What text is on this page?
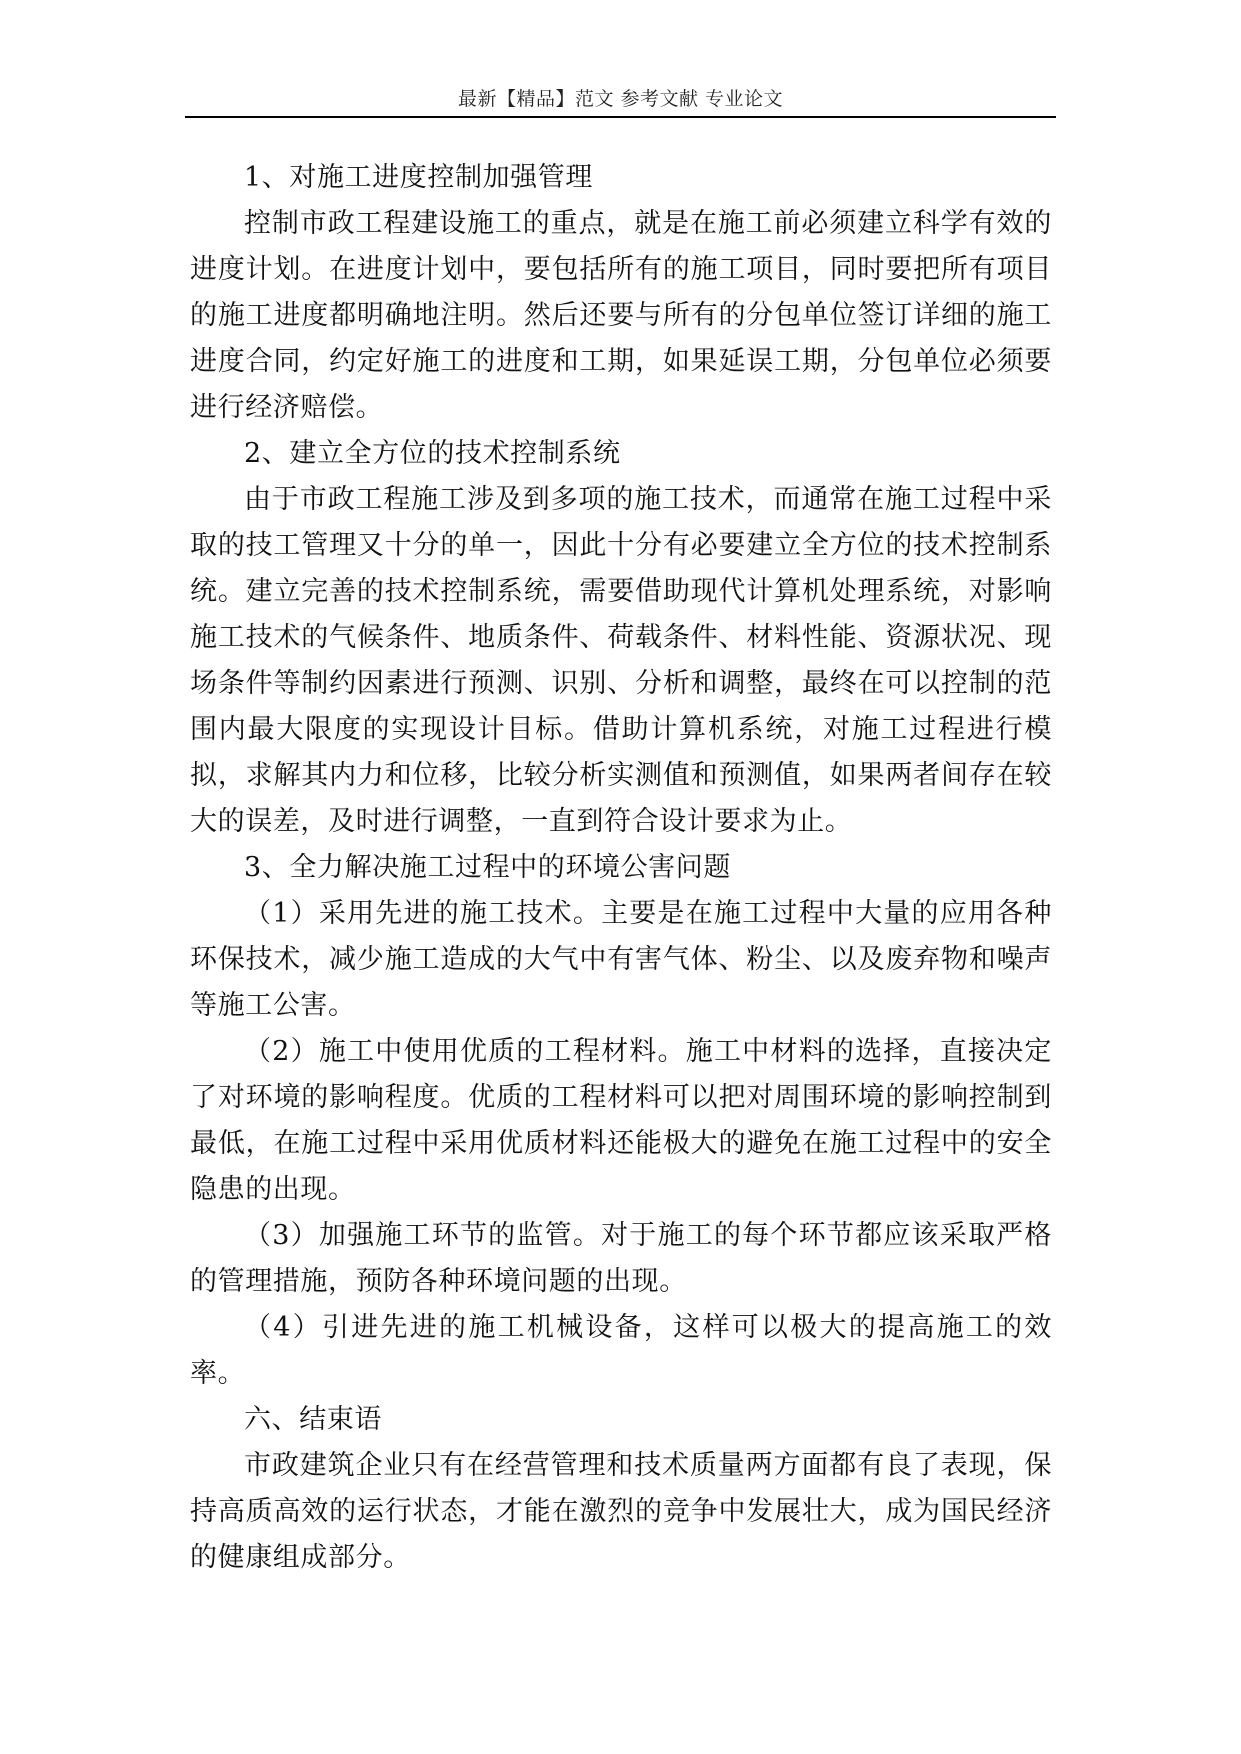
最新【精品】范文 参考文献 专业论文

1、对施工进度控制加强管理

控制市政工程建设施工的重点，就是在施工前必须建立科学有效的进度计划。在进度计划中，要包括所有的施工项目，同时要把所有项目的施工进度都明确地注明。然后还要与所有的分包单位签订详细的施工进度合同，约定好施工的进度和工期，如果延误工期，分包单位必须要进行经济赔偿。

2、建立全方位的技术控制系统

由于市政工程施工涉及到多项的施工技术，而通常在施工过程中采取的技工管理又十分的单一，因此十分有必要建立全方位的技术控制系统。建立完善的技术控制系统，需要借助现代计算机处理系统，对影响施工技术的气候条件、地质条件、荷载条件、材料性能、资源状况、现场条件等制约因素进行预测、识别、分析和调整，最终在可以控制的范围内最大限度的实现设计目标。借助计算机系统，对施工过程进行模拟，求解其内力和位移，比较分析实测值和预测值，如果两者间存在较大的误差，及时进行调整，一直到符合设计要求为止。

3、全力解决施工过程中的环境公害问题

（1）采用先进的施工技术。主要是在施工过程中大量的应用各种环保技术，减少施工造成的大气中有害气体、粉尘、以及废弃物和噪声等施工公害。

（2）施工中使用优质的工程材料。施工中材料的选择，直接决定了对环境的影响程度。优质的工程材料可以把对周围环境的影响控制到最低，在施工过程中采用优质材料还能极大的避免在施工过程中的安全隐患的出现。

（3）加强施工环节的监管。对于施工的每个环节都应该采取严格的管理措施，预防各种环境问题的出现。

（4）引进先进的施工机械设备，这样可以极大的提高施工的效率。

六、结束语

市政建筑企业只有在经营管理和技术质量两方面都有良了表现，保持高质高效的运行状态，才能在激烈的竞争中发展壮大，成为国民经济的健康组成部分。
